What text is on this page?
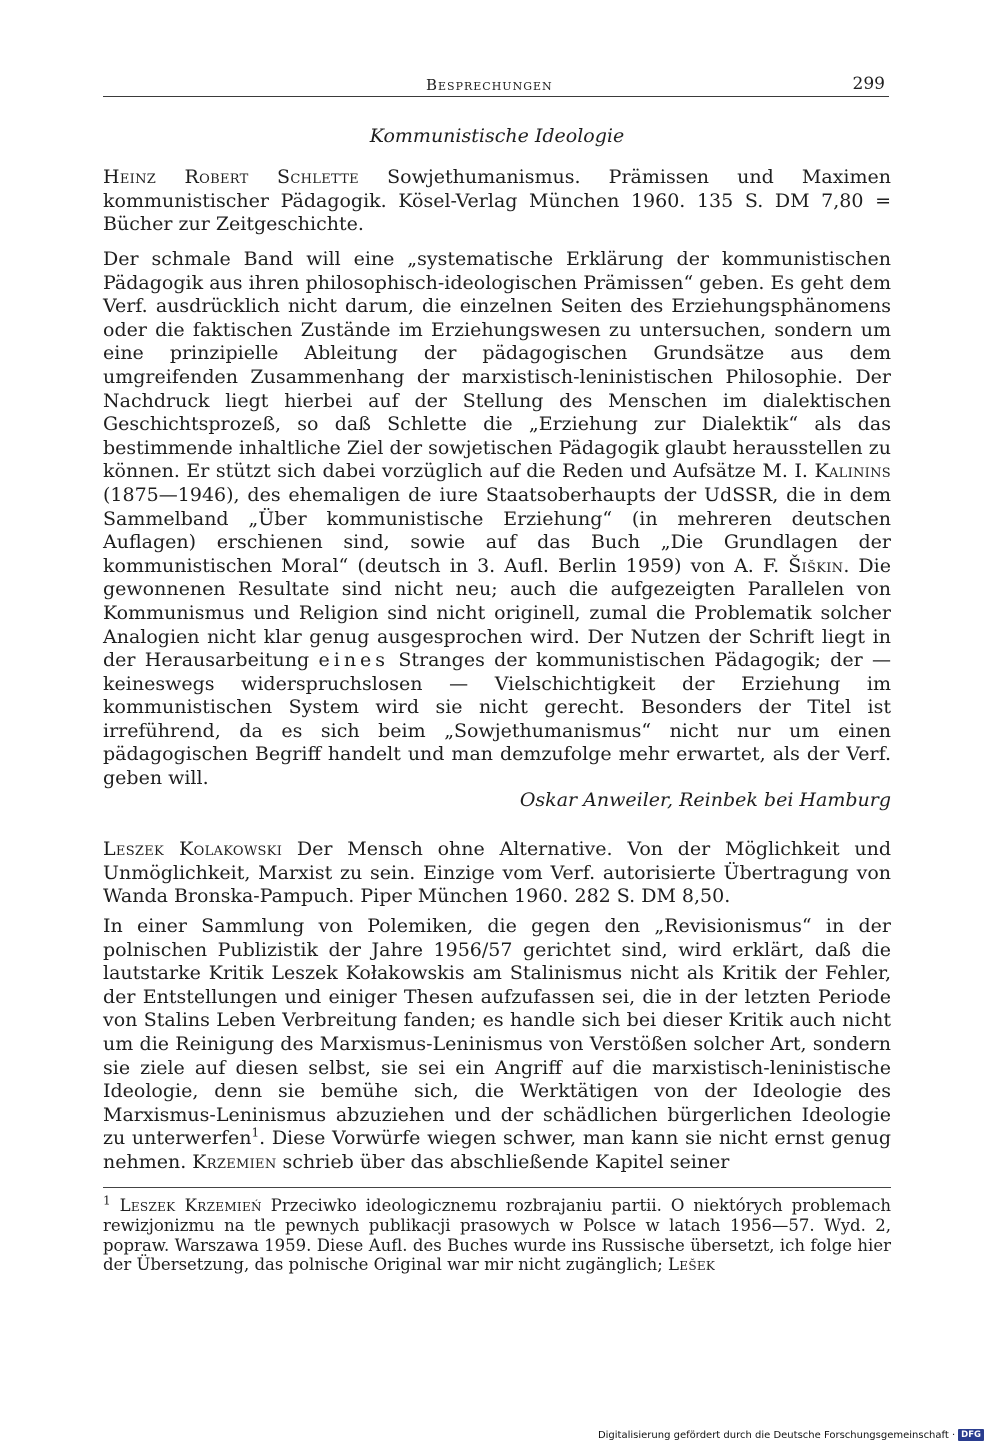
Besprechungen	299
Kommunistische Ideologie

Heinz Robert Schlette Sowjethumanismus. Prämissen und Maximen kommunistischer Pädagogik. Kösel-Verlag München 1960. 135 S. DM 7,80 = Bücher zur Zeitgeschichte.

Der schmale Band will eine „systematische Erklärung der kommunistischen Pädagogik aus ihren philosophisch-ideologischen Prämissen“ geben. Es geht dem Verf. ausdrücklich nicht darum, die einzelnen Seiten des Erziehungsphänomens oder die faktischen Zustände im Erziehungswesen zu untersuchen, sondern um eine prinzipielle Ableitung der pädagogischen Grundsätze aus dem umgreifenden Zusammenhang der marxistisch-leninistischen Philosophie. Der Nachdruck liegt hierbei auf der Stellung des Menschen im dialektischen Geschichtsprozeß, so daß Schlette die „Erziehung zur Dialektik“ als das bestimmende inhaltliche Ziel der sowjetischen Pädagogik glaubt herausstellen zu können. Er stützt sich dabei vorzüglich auf die Reden und Aufsätze M. I. Kalinins (1875—1946), des ehemaligen de iure Staatsoberhaupts der UdSSR, die in dem Sammelband „Über kommunistische Erziehung“ (in mehreren deutschen Auflagen) erschienen sind, sowie auf das Buch „Die Grundlagen der kommunistischen Moral“ (deutsch in 3. Aufl. Berlin 1959) von A. F. Šiškin. Die gewonnenen Resultate sind nicht neu; auch die aufgezeigten Parallelen von Kommunismus und Religion sind nicht originell, zumal die Problematik solcher Analogien nicht klar genug ausgesprochen wird. Der Nutzen der Schrift liegt in der Herausarbeitung eines Stranges der kommunistischen Pädagogik; der — keineswegs widerspruchslosen — Vielschichtigkeit der Erziehung im kommunistischen System wird sie nicht gerecht. Besonders der Titel ist irreführend, da es sich beim „Sowjethumanismus“ nicht nur um einen pädagogischen Begriff handelt und man demzufolge mehr erwartet, als der Verf. geben will.

Oskar Anweiler, Reinbek bei Hamburg

Leszek Kolakowski Der Mensch ohne Alternative. Von der Möglichkeit und Unmöglichkeit, Marxist zu sein. Einzige vom Verf. autorisierte Übertragung von Wanda Bronska-Pampuch. Piper München 1960. 282 S. DM 8,50.

In einer Sammlung von Polemiken, die gegen den „Revisionismus“ in der polnischen Publizistik der Jahre 1956/57 gerichtet sind, wird erklärt, daß die lautstarke Kritik Leszek Kołakowskis am Stalinismus nicht als Kritik der Fehler, der Entstellungen und einiger Thesen aufzufassen sei, die in der letzten Periode von Stalins Leben Verbreitung fanden; es handle sich bei dieser Kritik auch nicht um die Reinigung des Marxismus-Leninismus von Verstößen solcher Art, sondern sie ziele auf diesen selbst, sie sei ein Angriff auf die marxistisch-leninistische Ideologie, denn sie bemühe sich, die Werktätigen von der Ideologie des Marxismus-Leninismus abzuziehen und der schädlichen bürgerlichen Ideologie zu unterwerfen$^1$. Diese Vorwürfe wiegen schwer, man kann sie nicht ernst genug nehmen. Krzemien schrieb über das abschließende Kapitel seiner

$^1$ Leszek Krzemień Przeciwko ideologicznemu rozbrajaniu partii. O niektórych problemach rewizjonizmu na tle pewnych publikacji prasowych w Polsce w latach 1956—57. Wyd. 2, popraw. Warszawa 1959. Diese Aufl. des Buches wurde ins Russische übersetzt, ich folge hier der Übersetzung, das polnische Original war mir nicht zugänglich; Lešek

Digitalisierung gefördert durch die Deutsche Forschungsgemeinschaft · DFG
